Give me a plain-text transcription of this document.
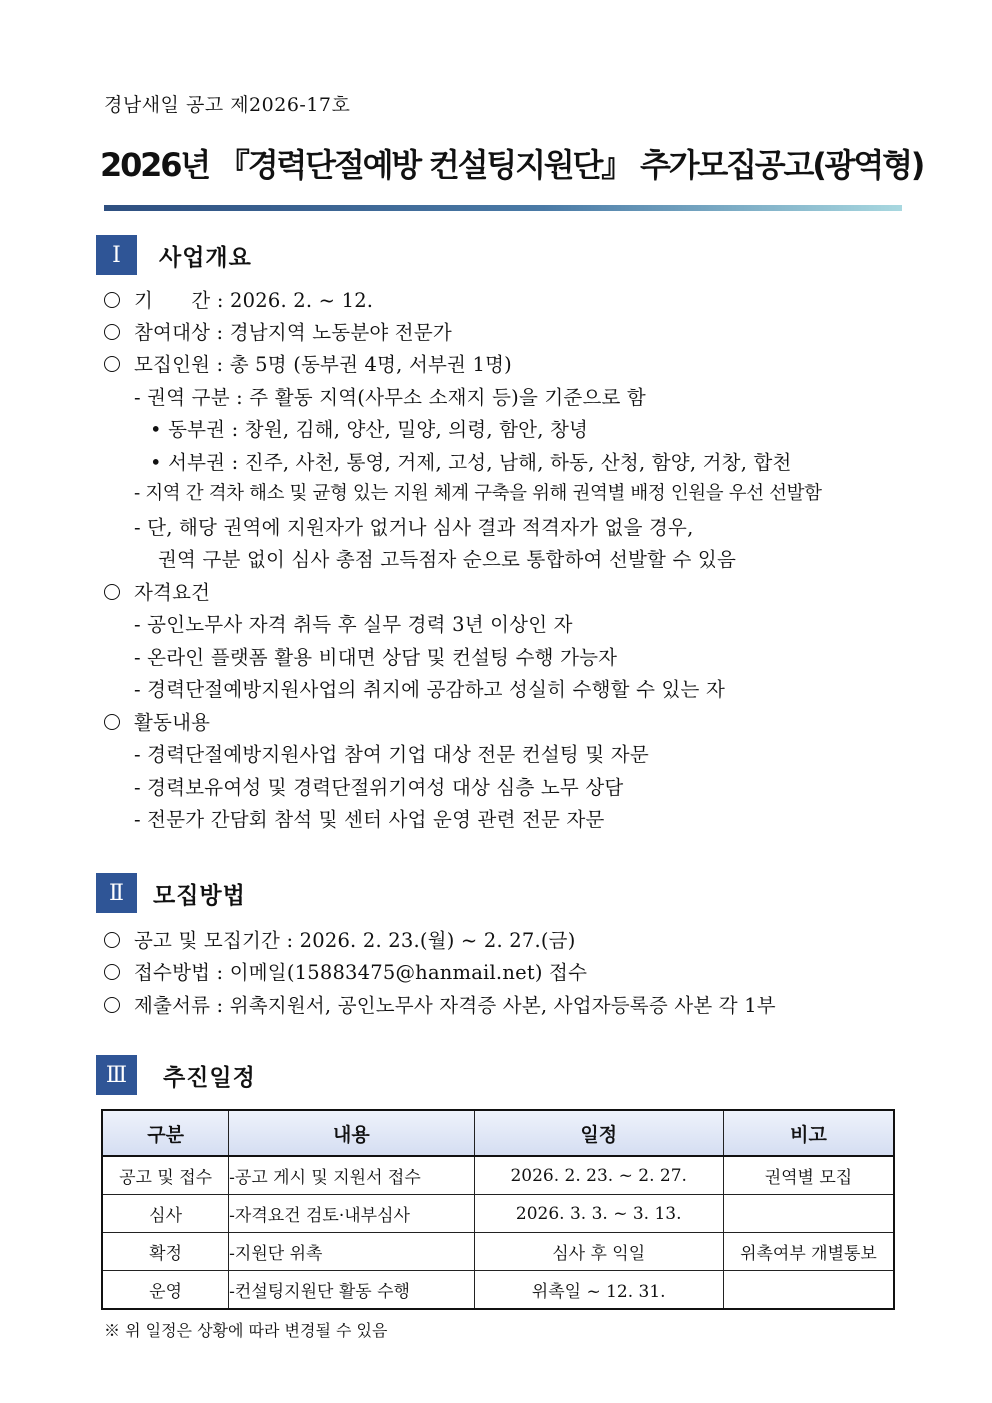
경남새일 공고 제2026-17호
2026년 『경력단절예방 컨설팅지원단』 추가모집공고(광역형)
Ⅰ	사업개요
기      간 : 2026. 2. ~ 12.
참여대상 : 경남지역 노동분야 전문가
모집인원 : 총 5명 (동부권 4명, 서부권 1명)
- 권역 구분 : 주 활동 지역(사무소 소재지 등)을 기준으로 함
• 동부권 : 창원, 김해, 양산, 밀양, 의령, 함안, 창녕
• 서부권 : 진주, 사천, 통영, 거제, 고성, 남해, 하동, 산청, 함양, 거창, 합천
- 지역 간 격차 해소 및 균형 있는 지원 체계 구축을 위해 권역별 배정 인원을 우선 선발함
- 단, 해당 권역에 지원자가 없거나 심사 결과 적격자가 없을 경우,
권역 구분 없이 심사 총점 고득점자 순으로 통합하여 선발할 수 있음
자격요건
- 공인노무사 자격 취득 후 실무 경력 3년 이상인 자
- 온라인 플랫폼 활용 비대면 상담 및 컨설팅 수행 가능자
- 경력단절예방지원사업의 취지에 공감하고 성실히 수행할 수 있는 자
활동내용
- 경력단절예방지원사업 참여 기업 대상 전문 컨설팅 및 자문
- 경력보유여성 및 경력단절위기여성 대상 심층 노무 상담
- 전문가 간담회 참석 및 센터 사업 운영 관련 전문 자문
Ⅱ	모집방법
공고 및 모집기간 : 2026. 2. 23.(월) ~ 2. 27.(금)
접수방법 : 이메일(15883475@hanmail.net) 접수
제출서류 : 위촉지원서, 공인노무사 자격증 사본, 사업자등록증 사본 각 1부
Ⅲ	추진일정
구분	내용	일정	비고
공고 및 접수	-공고 게시 및 지원서 접수	2026. 2. 23. ~ 2. 27.	권역별 모집
심사	-자격요건 검토·내부심사	2026. 3. 3. ~ 3. 13.	
확정	-지원단 위촉	심사 후 익일	위촉여부 개별통보
운영	-컨설팅지원단 활동 수행	위촉일 ~ 12. 31.	
※ 위 일정은 상황에 따라 변경될 수 있음
